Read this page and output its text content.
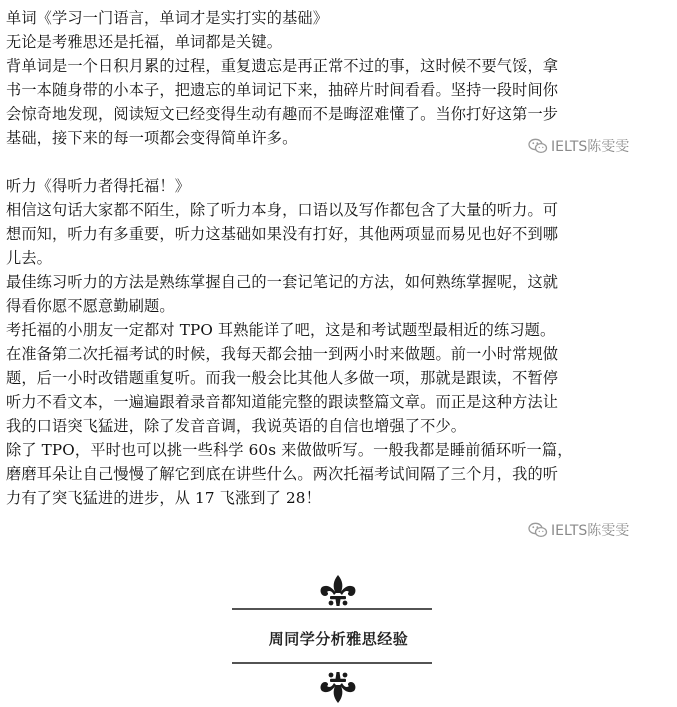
单词《学习一门语言，单词才是实打实的基础》
无论是考雅思还是托福，单词都是关键。
背单词是一个日积月累的过程，重复遗忘是再正常不过的事，这时候不要气馁，拿
书一本随身带的小本子，把遗忘的单词记下来，抽碎片时间看看。坚持一段时间你
会惊奇地发现，阅读短文已经变得生动有趣而不是晦涩难懂了。当你打好这第一步
基础，接下来的每一项都会变得简单许多。
听力《得听力者得托福！》
相信这句话大家都不陌生，除了听力本身，口语以及写作都包含了大量的听力。可
想而知，听力有多重要，听力这基础如果没有打好，其他两项显而易见也好不到哪
儿去。
最佳练习听力的方法是熟练掌握自己的一套记笔记的方法，如何熟练掌握呢，这就
得看你愿不愿意勤刷题。
考托福的小朋友一定都对 TPO 耳熟能详了吧，这是和考试题型最相近的练习题。
在准备第二次托福考试的时候，我每天都会抽一到两小时来做题。前一小时常规做
题，后一小时改错题重复听。而我一般会比其他人多做一项，那就是跟读，不暂停
听力不看文本，一遍遍跟着录音都知道能完整的跟读整篇文章。而正是这种方法让
我的口语突飞猛进，除了发音音调，我说英语的自信也增强了不少。
除了 TPO，平时也可以挑一些科学 60s 来做做听写。一般我都是睡前循环听一篇，
磨磨耳朵让自己慢慢了解它到底在讲些什么。两次托福考试间隔了三个月，我的听
力有了突飞猛进的进步，从 17 飞涨到了 28！
IELTS陈雯雯
IELTS陈雯雯
周同学分析雅思经验
